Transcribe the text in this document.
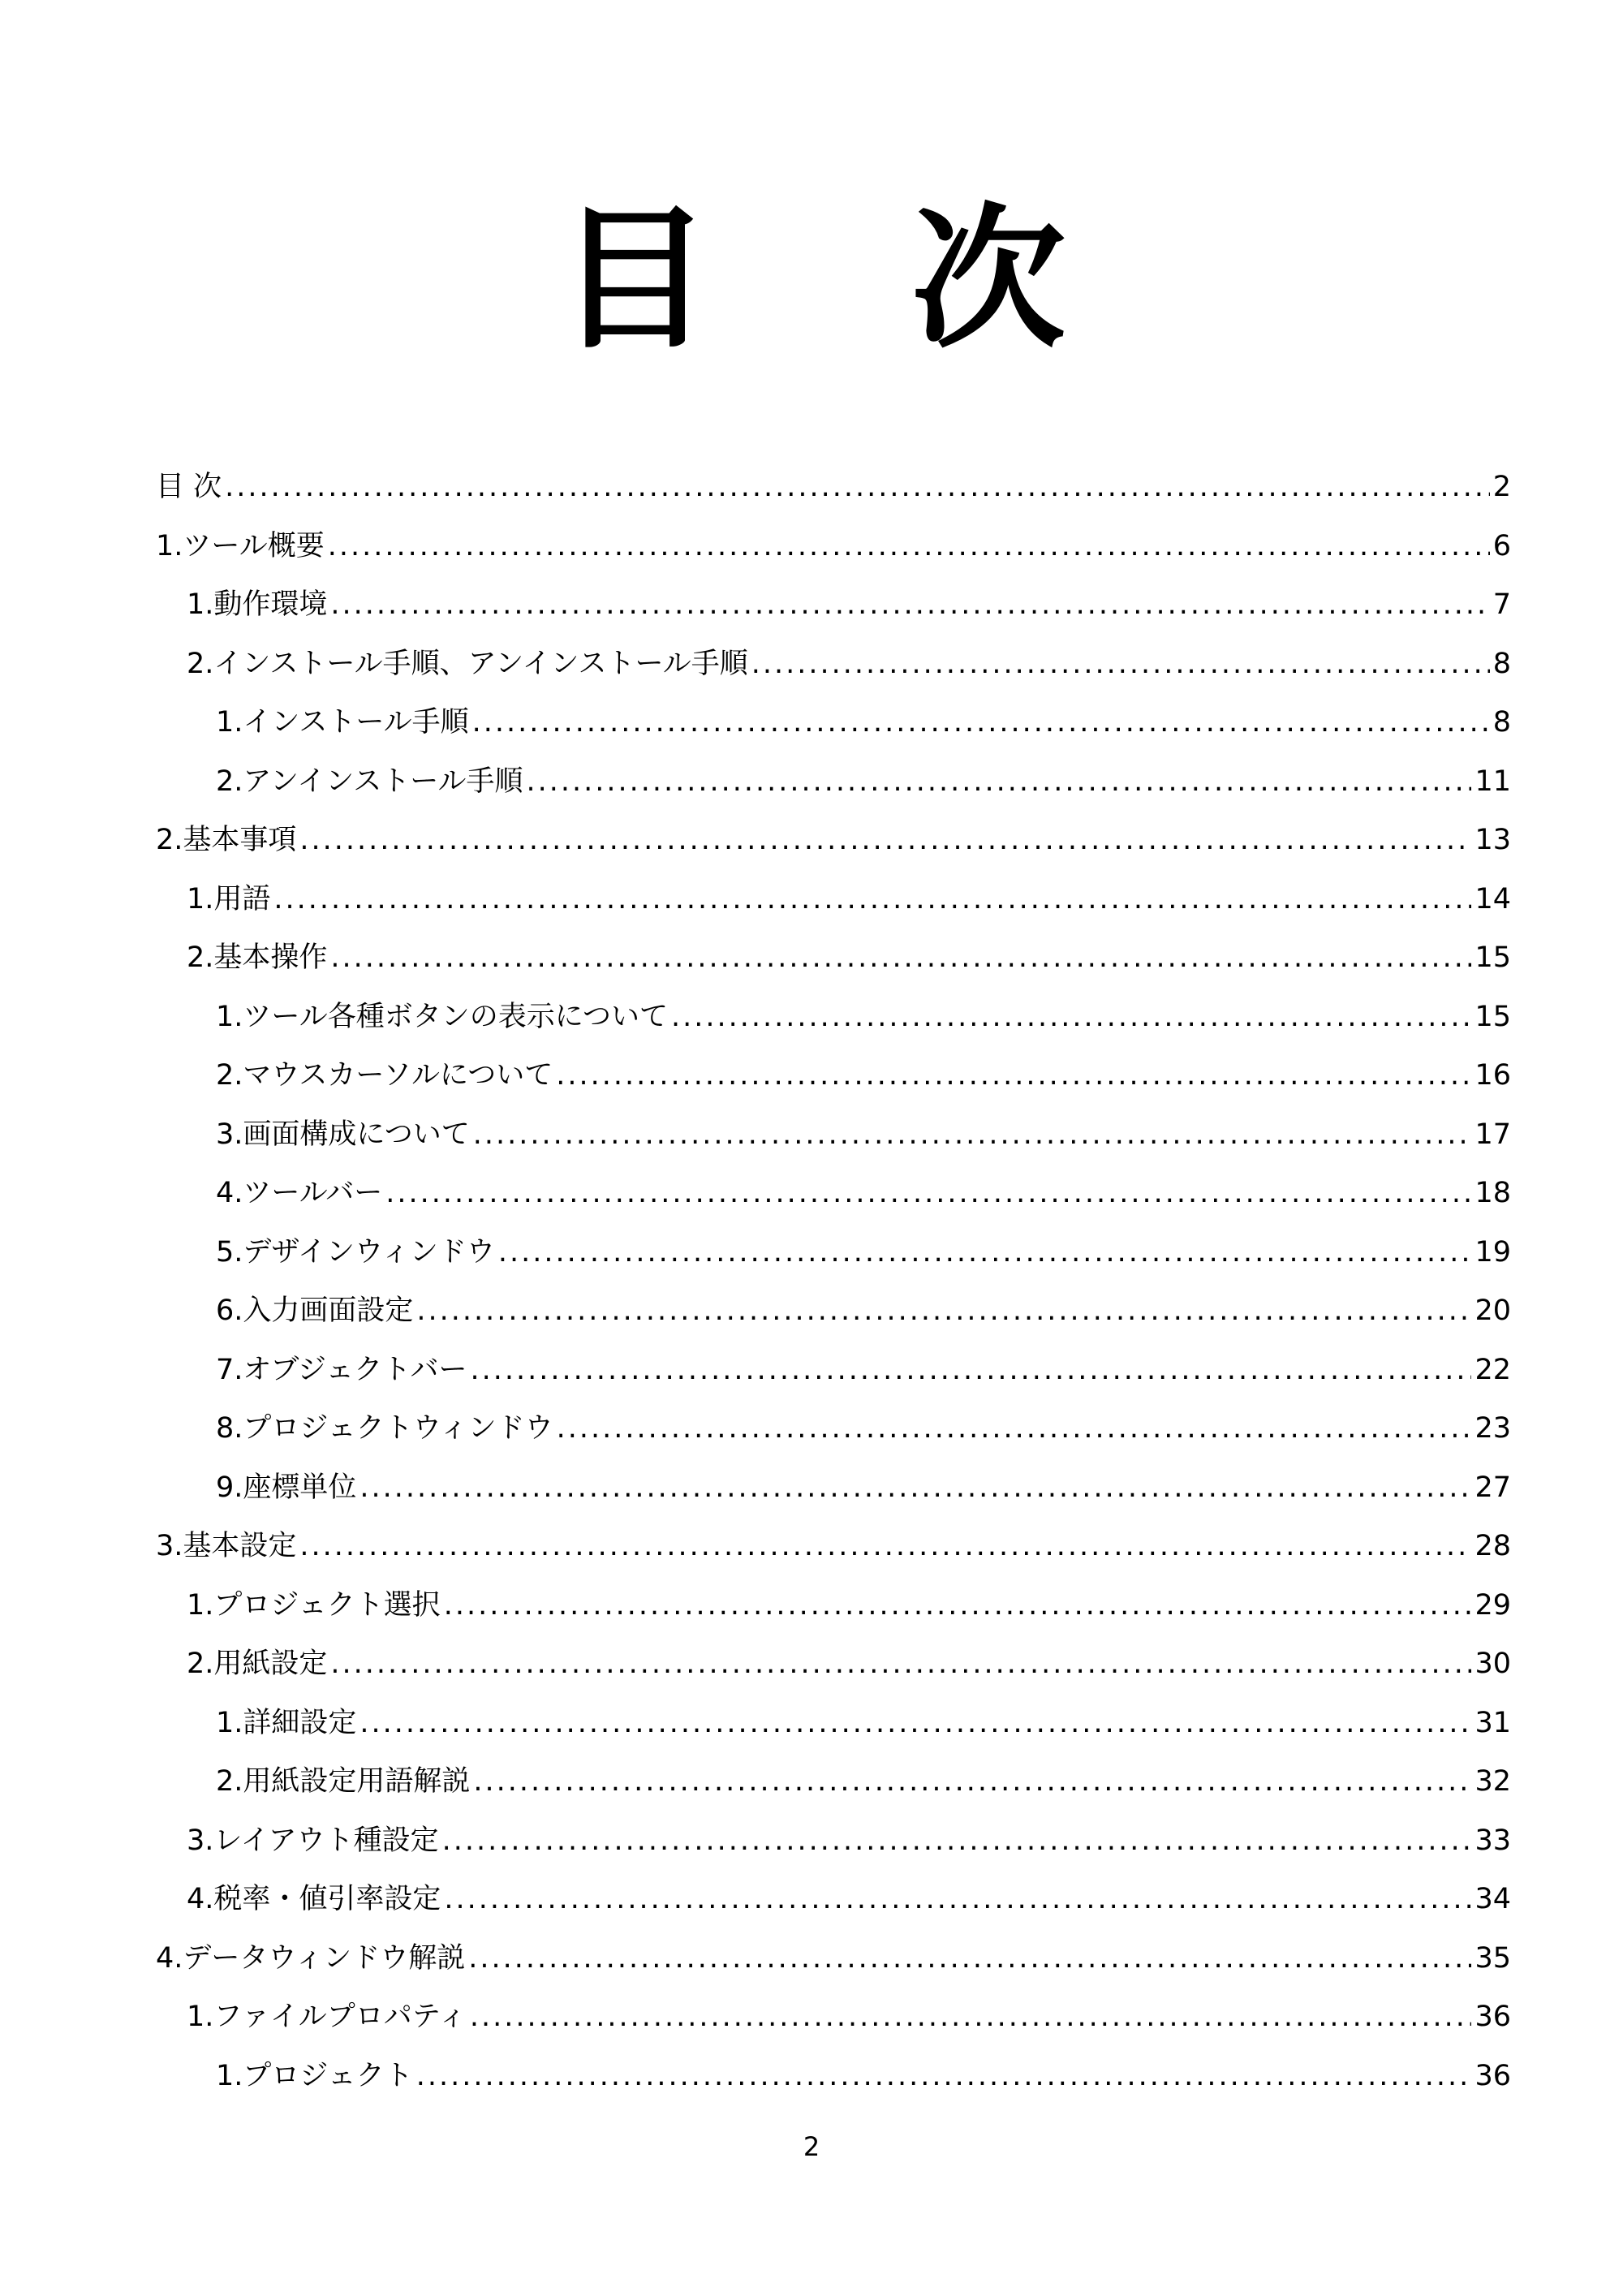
目 次
目 次 .....	2
1.ツール概要 .....	6
1.動作環境 .....	7
2.インストール手順、アンインストール手順 .....	8
1.インストール手順 .....	8
2.アンインストール手順 .....	11
2.基本事項 .....	13
1.用語 .....	14
2.基本操作 .....	15
1.ツール各種ボタンの表示について .....	15
2.マウスカーソルについて .....	16
3.画面構成について .....	17
4.ツールバー .....	18
5.デザインウィンドウ .....	19
6.入力画面設定 .....	20
7.オブジェクトバー .....	22
8.プロジェクトウィンドウ .....	23
9.座標単位 .....	27
3.基本設定 .....	28
1.プロジェクト選択 .....	29
2.用紙設定 .....	30
1.詳細設定 .....	31
2.用紙設定用語解説 .....	32
3.レイアウト種設定 .....	33
4.税率・値引率設定 .....	34
4.データウィンドウ解説 .....	35
1.ファイルプロパティ .....	36
1.プロジェクト .....	36
2
